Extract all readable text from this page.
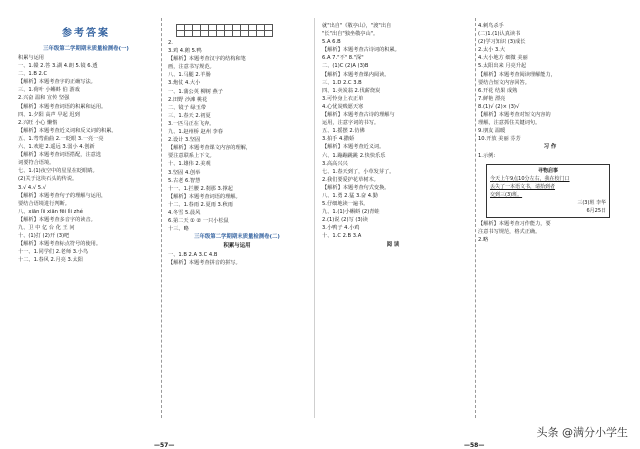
参考答案
三年级第二学期期末质量检测卷(一)
积累与运用
一、1.赣 2.答 3.湖 4.朗 5.镜 6.透
二、1.B 2.C
【解析】本题考查字的正确写法。
三、1.荷叶 小蝌蚪 伯 游戏
2.兴奋 温和 宣传 坚强
【解析】本题考查词语的积累和运用。
四、1.夕阳 高声 早起 迟到
2.兴旺 小心 懒惰
【解析】本题考查近义词和反义词的积累。
五、1.弯弯曲曲 2.一眨眼 3.一亮一亮
六、1.欢迎 2.遥远 3.弱小 4.创新
【解析】本题考查词语搭配，注意选
词要符合语境。
七、1.(1)夜空中的星星在眨眼睛。
(2)关于这块石头的传说。
3.√ 4.√ 5.√
【解析】本题考查句子的理解与运用，
要结合语境进行判断。
八、xiān lìi xiān fēi lìi zhé
【解析】本题考查多音字的读音。
九、卫 中 亿 台 化 王 问
十、(1)打 (2)开 (3)吧
【解析】本题考查标点符号的使用。
十一、1.同学们 2.老师 3.小鸟
十二、1.春风 2.月亮 3.太阳

2.
3.鸡 4.鹅 5.鸭
【解析】本题考查汉字的结构和笔
画，注意书写规范。
八、1.马腿 2.羊肠
3.炮仗 4.大小
一、1.蒲公英 柳树 燕子
2.田野 沙滩 桃花
二、镜子 绿玉带
三、1.春天 2.初夏
3.一匹马正在飞奔。
九、1.赵州桥 赵州 李春
2.设计 3.坚固
【解析】本题考查课文内容的理解，
要注意联系上下文。
十、1.雄伟 2.美观
3.坚固 4.创举
5.古老 6.智慧
十一、1.拦腰 2.刹那 3.撑起
【解析】本题考查词语的理解。
十二、1.春雨 2.夏雨 3.秋雨
4.冬雪 5.晨风
6.第二天 ① ② 一只小松鼠
十三、略
三年级第二学期期末质量检测卷(二)
积累与运用
一、1.B 2.A 3.C 4.B
【解析】本题考查拼音的拼写。
—57—
就"出自"《敬亭山》，"渡"出自
"长"出自"独坐敬亭山"。
5.A 6.B
【解析】本题考查古诗词的积累。
6.A 7."不" 8."深"
二、(1)C (2)A (3)B
【解析】本题考查课内阅读。
三、1.D 2.C 3.B
四、1.卖炭翁 2.伐薪烧炭
3.可怜身上衣正单
4.心忧炭贱愿天寒
【解析】本题考查古诗的理解与
运用，注意字词的书写。
五、1.摇摆 2.仿佛
3.拍手 4.撒娇
【解析】本题考查近义词。
六、1.蹦蹦跳跳 2.快快乐乐
3.高高兴兴
七、1.春天到了，小草发芽了。
2.我们要爱护花草树木。
【解析】本题考查句式变换。
八、1.勇 2.猛 3.奋 4.勤
5.仔细地读一遍书。
九、1.(1)小蝌蚪 (2)青蛙
2.(1)说 (2)写 (3)读
3.小鸭子 4.小鸡
十、1.C 2.B 3.A
阅 读
4.刺鸟杀手
(二)1.(1)认真读书
(2)学习知识 (3)成长
2.太小 3.大
4.大小地方 细微 美丽
5.太阳出来 月亮升起
【解析】本题考查阅读理解能力，
要结合短文内容回答。
6.开花 结果 成熟
7.鲜艳 漂亮
8.(1)√ (2)× (3)√
【解析】本题考查对短文内容的
理解，注意抓住关键词句。
9.朋友 温暖
10.开放 美丽 芬芳
习 作
1.示例:
寻物启事
今天上午9点10分左右，我在校门口
丢失了一本语文书，请拾到者
交到三(3)班。
三(3)班 李华
6月25日
【解析】本题考查习作能力，要
注意书写规范，格式正确。
2.略
—58—
头条 @满分小学生
